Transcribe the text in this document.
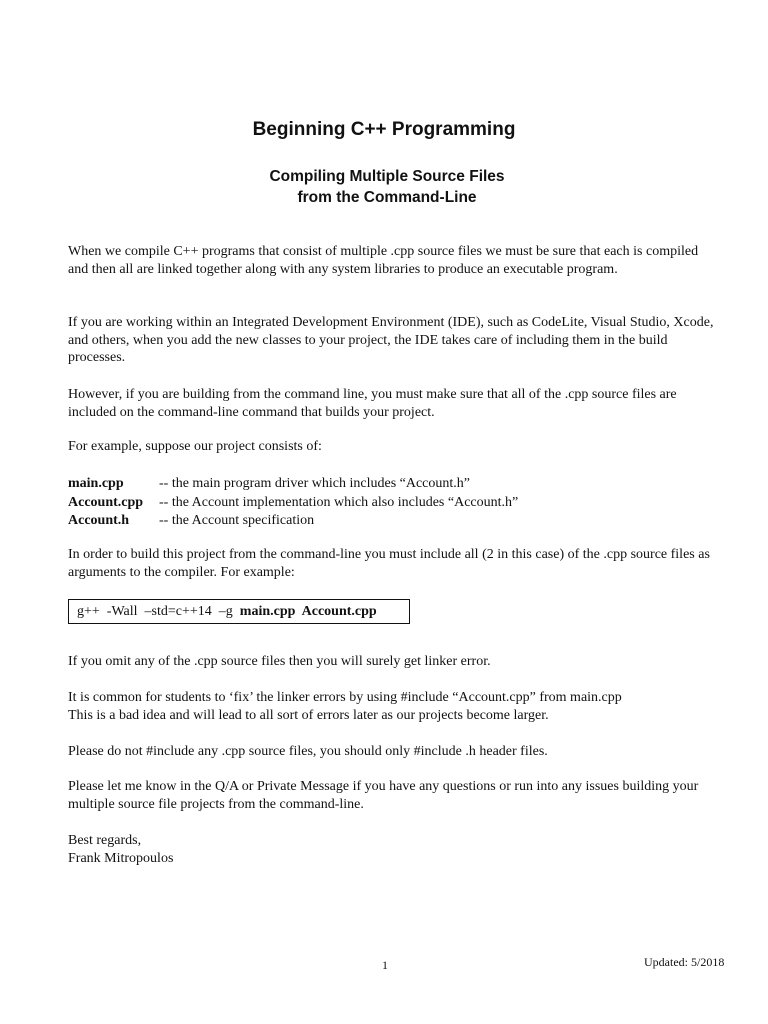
Beginning C++ Programming
Compiling Multiple Source Files
from the Command-Line

When we compile C++ programs that consist of multiple .cpp source files we must be sure that each is compiled and then all are linked together along with any system libraries to produce an executable program.

If you are working within an Integrated Development Environment (IDE), such as CodeLite, Visual Studio, Xcode, and others, when you add the new classes to your project, the IDE takes care of including them in the build processes.

However, if you are building from the command line, you must make sure that all of the .cpp source files are included on the command-line command that builds your project.

For example, suppose our project consists of:

main.cpp	-- the main program driver which includes “Account.h”
Account.cpp	-- the Account implementation which also includes “Account.h”
Account.h	-- the Account specification

In order to build this project from the command-line you must include all (2 in this case) of the .cpp source files as arguments to the compiler. For example:

g++  -Wall  –std=c++14  –g  main.cpp  Account.cpp

If you omit any of the .cpp source files then you will surely get linker error.

It is common for students to ‘fix’ the linker errors by using #include “Account.cpp” from main.cpp
This is a bad idea and will lead to all sort of errors later as our projects become larger.

Please do not #include any .cpp source files, you should only #include .h header files.

Please let me know in the Q/A or Private Message if you have any questions or run into any issues building your multiple source file projects from the command-line.

Best regards,
Frank Mitropoulos
1	Updated: 5/2018
